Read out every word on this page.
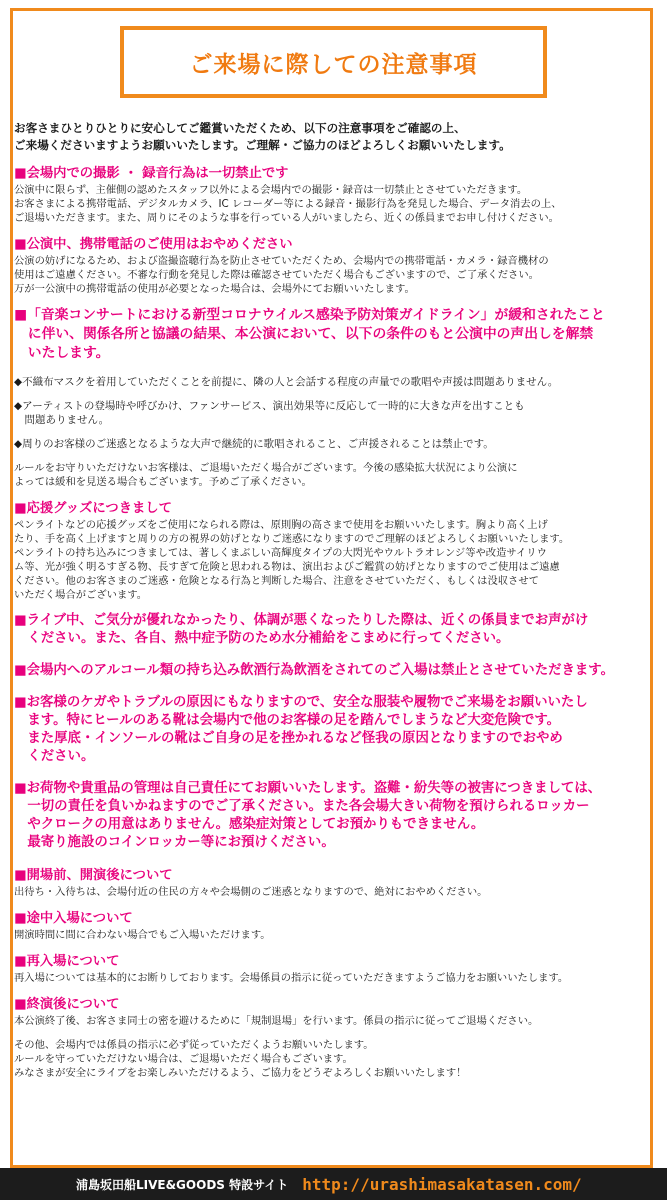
ご来場に際しての注意事項

お客さまひとりひとりに安心してご鑑賞いただくため、以下の注意事項をご確認の上、
ご来場くださいますようお願いいたします。ご理解・ご協力のほどよろしくお願いいたします。

■会場内での撮影 ・ 録音行為は一切禁止です

公演中に限らず、主催側の認めたスタッフ以外による会場内での撮影・録音は一切禁止とさせていただきます。
お客さまによる携帯電話、デジタルカメラ、IC レコーダー等による録音・撮影行為を発見した場合、データ消去の上、
ご退場いただきます。また、周りにそのような事を行っている人がいましたら、近くの係員までお申し付けください。

■公演中、携帯電話のご使用はおやめください

公演の妨げになるため、および盗撮盗聴行為を防止させていただくため、会場内での携帯電話・カメラ・録音機材の
使用はご遠慮ください。不審な行動を発見した際は確認させていただく場合もございますので、ご了承ください。
万が一公演中の携帯電話の使用が必要となった場合は、会場外にてお願いいたします。

■「音楽コンサートにおける新型コロナウイルス感染予防対策ガイドライン」が緩和されたこと
　に伴い、関係各所と協議の結果、本公演において、以下の条件のもと公演中の声出しを解禁
　いたします。

◆不織布マスクを着用していただくことを前提に、隣の人と会話する程度の声量での歌唱や声援は問題ありません。

◆アーティストの登場時や呼びかけ、ファンサービス、演出効果等に反応して一時的に大きな声を出すことも
　問題ありません。

◆周りのお客様のご迷惑となるような大声で継続的に歌唱されること、ご声援されることは禁止です。

ルールをお守りいただけないお客様は、ご退場いただく場合がございます。今後の感染拡大状況により公演に
よっては緩和を見送る場合もございます。予めご了承ください。

■応援グッズにつきまして

ペンライトなどの応援グッズをご使用になられる際は、原則胸の高さまで使用をお願いいたします。胸より高く上げ
たり、手を高く上げますと周りの方の視界の妨げとなりご迷惑になりますのでご理解のほどよろしくお願いいたします。
ペンライトの持ち込みにつきましては、著しくまぶしい高輝度タイプの大閃光やウルトラオレンジ等や改造サイリウ
ム等、光が強く明るすぎる物、長すぎて危険と思われる物は、演出およびご鑑賞の妨げとなりますのでご使用はご遠慮
ください。他のお客さまのご迷惑・危険となる行為と判断した場合、注意をさせていただく、もしくは没収させて
いただく場合がございます。

■ライブ中、ご気分が優れなかったり、体調が悪くなったりした際は、近くの係員までお声がけ
　ください。また、各自、熱中症予防のため水分補給をこまめに行ってください。

■会場内へのアルコール類の持ち込み飲酒行為飲酒をされてのご入場は禁止とさせていただきます。

■お客様のケガやトラブルの原因にもなりますので、安全な服装や履物でご来場をお願いいたし
　ます。特にヒールのある靴は会場内で他のお客様の足を踏んでしまうなど大変危険です。
　また厚底・インソールの靴はご自身の足を挫かれるなど怪我の原因となりますのでおやめ
　ください。

■お荷物や貴重品の管理は自己責任にてお願いいたします。盗難・紛失等の被害につきましては、
　一切の責任を負いかねますのでご了承ください。また各会場大きい荷物を預けられるロッカー
　やクロークの用意はありません。感染症対策としてお預かりもできません。
　最寄り施設のコインロッカー等にお預けください。

■開場前、開演後について

出待ち・入待ちは、会場付近の住民の方々や会場側のご迷惑となりますので、絶対におやめください。

■途中入場について

開演時間に間に合わない場合でもご入場いただけます。

■再入場について

再入場については基本的にお断りしております。会場係員の指示に従っていただきますようご協力をお願いいたします。

■終演後について

本公演終了後、お客さま同士の密を避けるために「規制退場」を行います。係員の指示に従ってご退場ください。

その他、会場内では係員の指示に必ず従っていただくようお願いいたします。
ルールを守っていただけない場合は、ご退場いただく場合もございます。
みなさまが安全にライブをお楽しみいただけるよう、ご協力をどうぞよろしくお願いいたします！

浦島坂田船LIVE&GOODS 特設サイト http://urashimasakatasen.com/
